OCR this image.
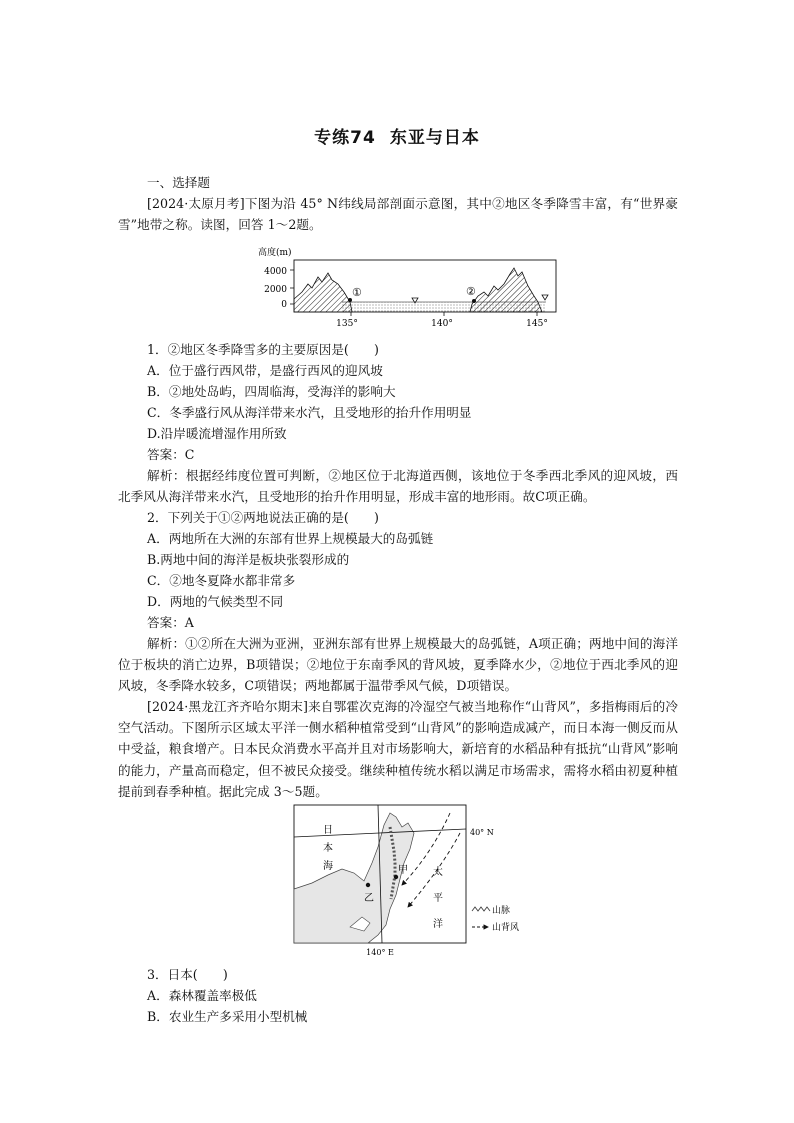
专练74 东亚与日本
一、选择题
[2024·太原月考]下图为沿 45° N纬线局部剖面示意图，其中②地区冬季降雪丰富，有“世界豪雪”地带之称。读图，回答 1～2题。
高度(m)
4000
2000
0
①	②
135°	140°	145°
1．②地区冬季降雪多的主要原因是(　　)
A．位于盛行西风带，是盛行西风的迎风坡
B．②地处岛屿，四周临海，受海洋的影响大
C．冬季盛行风从海洋带来水汽，且受地形的抬升作用明显
D.沿岸暖流增湿作用所致
答案：C
解析：根据经纬度位置可判断，②地区位于北海道西侧，该地位于冬季西北季风的迎风坡，西北季风从海洋带来水汽，且受地形的抬升作用明显，形成丰富的地形雨。故C项正确。
2．下列关于①②两地说法正确的是(　　)
A．两地所在大洲的东部有世界上规模最大的岛弧链
B.两地中间的海洋是板块张裂形成的
C．②地冬夏降水都非常多
D．两地的气候类型不同
答案：A
解析：①②所在大洲为亚洲，亚洲东部有世界上规模最大的岛弧链，A项正确；两地中间的海洋位于板块的消亡边界，B项错误；②地位于东南季风的背风坡，夏季降水少，②地位于西北季风的迎风坡，冬季降水较多，C项错误；两地都属于温带季风气候，D项错误。
[2024·黑龙江齐齐哈尔期末]来自鄂霍次克海的冷湿空气被当地称作“山背风”，多指梅雨后的冷空气活动。下图所示区域太平洋一侧水稻种植常受到“山背风”的影响造成减产，而日本海一侧反而从中受益，粮食增产。日本民众消费水平高并且对市场影响大，新培育的水稻品种有抵抗“山背风”影响的能力，产量高而稳定，但不被民众接受。继续种植传统水稻以满足市场需求，需将水稻由初夏种植提前到春季种植。据此完成 3～5题。
甲
乙
日
本
海
太
平
洋
40° N
140° E
山脉
山背风
3．日本(　　)
A．森林覆盖率极低
B．农业生产多采用小型机械
